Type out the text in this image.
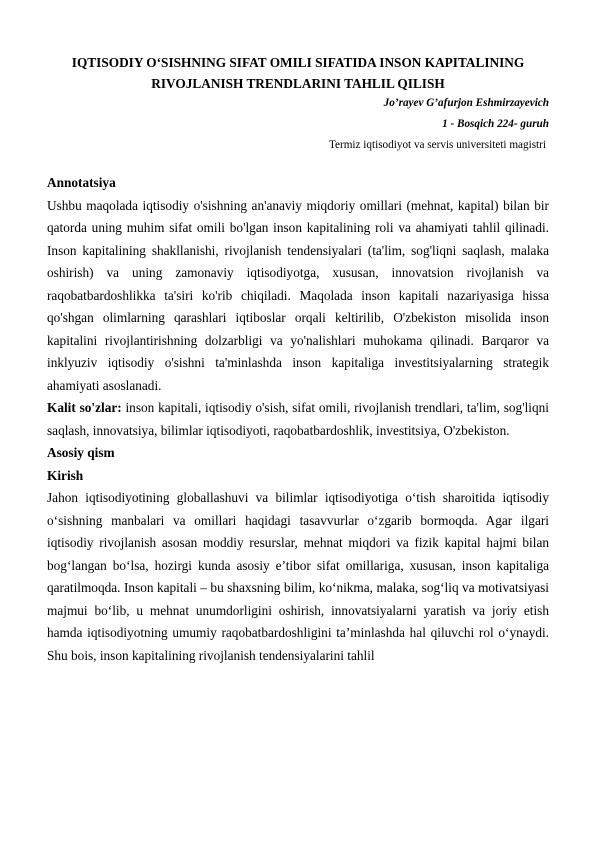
IQTISODIY O‘SISHNING SIFAT OMILI SIFATIDA INSON KAPITALINING
RIVOJLANISH TRENDLARINI TAHLIL QILISH
Jo’rayev G’afurjon Eshmirzayevich
1 - Bosqich 224- guruh
Termiz iqtisodiyot va servis universiteti magistri
Annotatsiya

Ushbu maqolada iqtisodiy o'sishning an'anaviy miqdoriy omillari (mehnat, kapital) bilan bir qatorda uning muhim sifat omili bo'lgan inson kapitalining roli va ahamiyati tahlil qilinadi. Inson kapitalining shakllanishi, rivojlanish tendensiyalari (ta'lim, sog'liqni saqlash, malaka oshirish) va uning zamonaviy iqtisodiyotga, xususan, innovatsion rivojlanish va raqobatbardoshlikka ta'siri ko'rib chiqiladi. Maqolada inson kapitali nazariyasiga hissa qo'shgan olimlarning qarashlari iqtiboslar orqali keltirilib, O'zbekiston misolida inson kapitalini rivojlantirishning dolzarbligi va yo'nalishlari muhokama qilinadi. Barqaror va inklyuziv iqtisodiy o'sishni ta'minlashda inson kapitaliga investitsiyalarning strategik ahamiyati asoslanadi.

Kalit so'zlar: inson kapitali, iqtisodiy o'sish, sifat omili, rivojlanish trendlari, ta'lim, sog'liqni saqlash, innovatsiya, bilimlar iqtisodiyoti, raqobatbardoshlik, investitsiya, O'zbekiston.

Asosiy qism
Kirish

Jahon iqtisodiyotining globallashuvi va bilimlar iqtisodiyotiga o‘tish sharoitida iqtisodiy o‘sishning manbalari va omillari haqidagi tasavvurlar o‘zgarib bormoqda. Agar ilgari iqtisodiy rivojlanish asosan moddiy resurslar, mehnat miqdori va fizik kapital hajmi bilan bog‘langan bo‘lsa, hozirgi kunda asosiy e’tibor sifat omillariga, xususan, inson kapitaliga qaratilmoqda. Inson kapitali – bu shaxsning bilim, ko‘nikma, malaka, sog‘liq va motivatsiyasi majmui bo‘lib, u mehnat unumdorligini oshirish, innovatsiyalarni yaratish va joriy etish hamda iqtisodiyotning umumiy raqobatbardoshligini ta’minlashda hal qiluvchi rol o‘ynaydi. Shu bois, inson kapitalining rivojlanish tendensiyalarini tahlil
